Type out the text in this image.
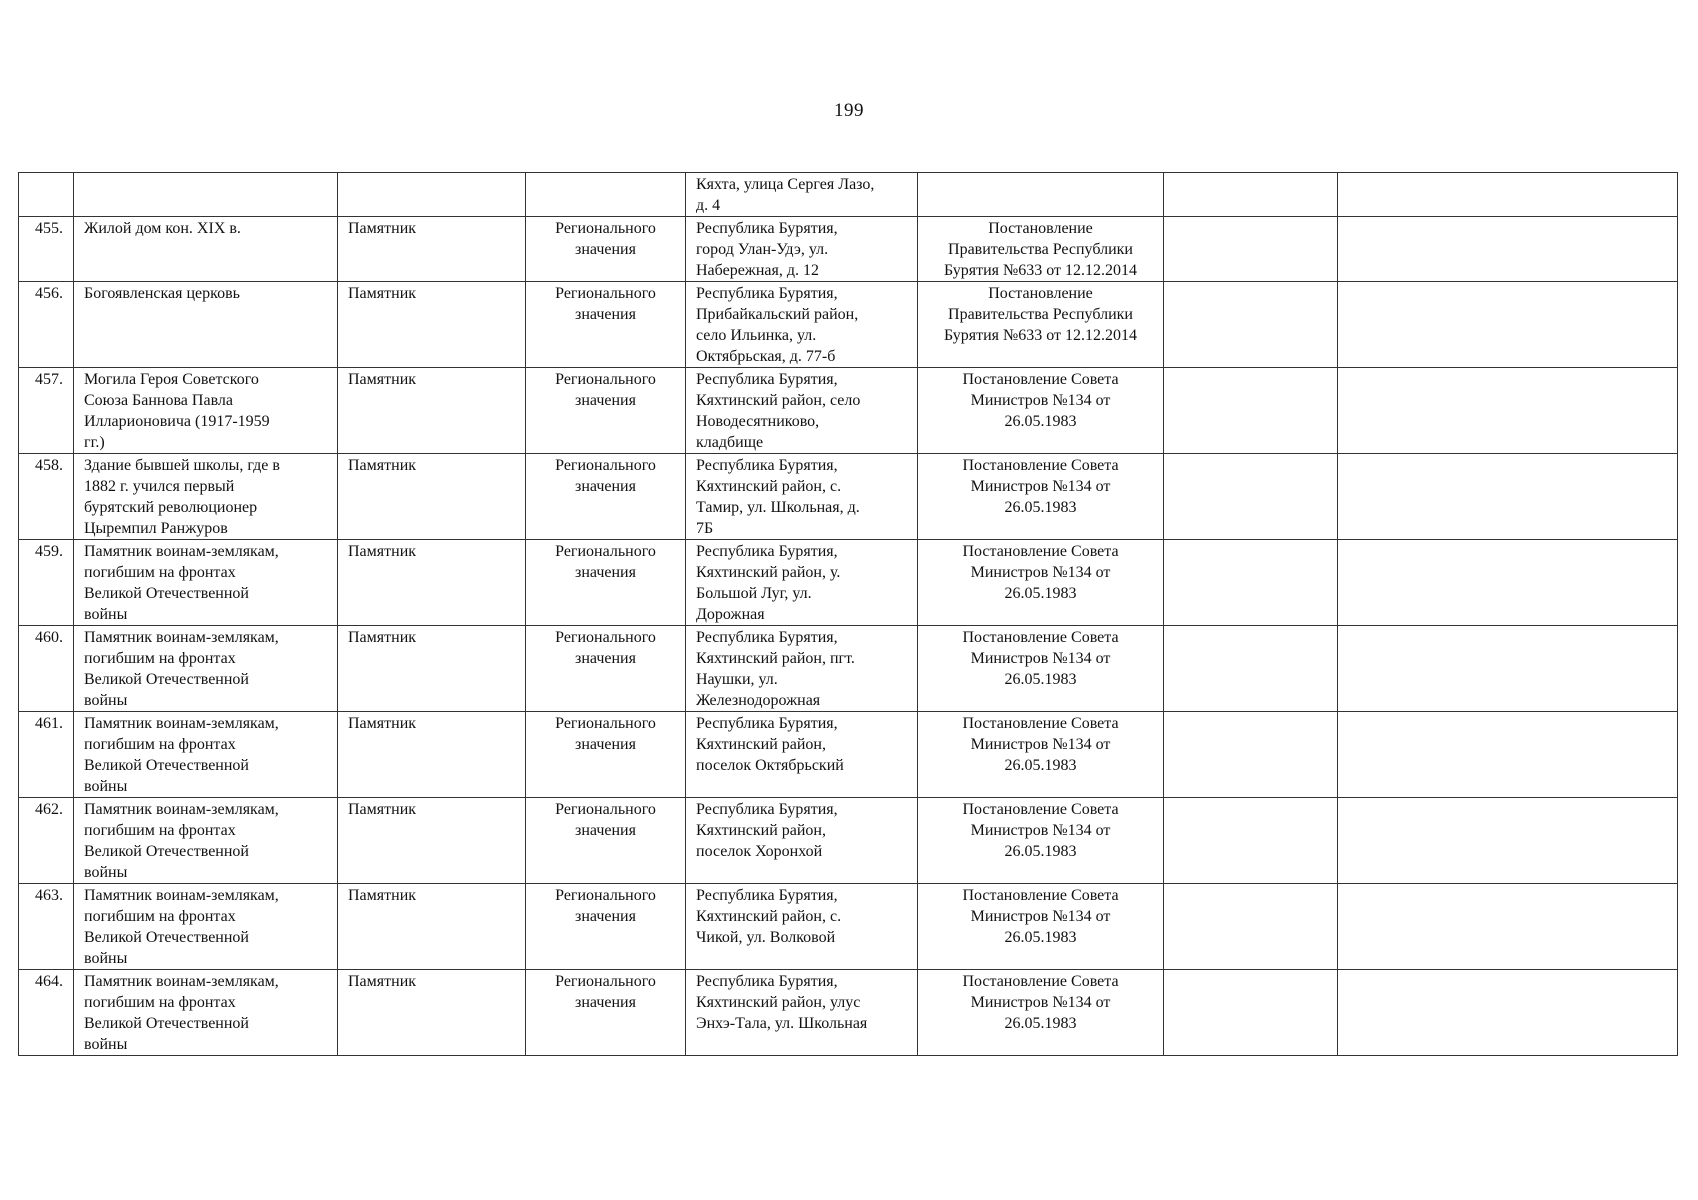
199

				Кяхта, улица Сергея Лазо,
д. 4			

455.	Жилой дом кон. XIX в.	Памятник	Регионального
значения	Республика Бурятия,
город Улан-Удэ, ул.
Набережная, д. 12	Постановление
Правительства Республики
Бурятия №633 от 12.12.2014		

456.	Богоявленская церковь	Памятник	Регионального
значения	Республика Бурятия,
Прибайкальский район,
село Ильинка, ул.
Октябрьская, д. 77-б	Постановление
Правительства Республики
Бурятия №633 от 12.12.2014		

457.	Могила Героя Советского
Союза Баннова Павла
Илларионовича (1917-1959
гг.)	Памятник	Регионального
значения	Республика Бурятия,
Кяхтинский район, село
Новодесятниково,
кладбище	Постановление Совета
Министров №134 от
26.05.1983		

458.	Здание бывшей школы, где в
1882 г. учился первый
бурятский революционер
Цыремпил Ранжуров	Памятник	Регионального
значения	Республика Бурятия,
Кяхтинский район, с.
Тамир, ул. Школьная, д.
7Б	Постановление Совета
Министров №134 от
26.05.1983		

459.	Памятник воинам-землякам,
погибшим на фронтах
Великой Отечественной
войны	Памятник	Регионального
значения	Республика Бурятия,
Кяхтинский район, у.
Большой Луг, ул.
Дорожная	Постановление Совета
Министров №134 от
26.05.1983		

460.	Памятник воинам-землякам,
погибшим на фронтах
Великой Отечественной
войны	Памятник	Регионального
значения	Республика Бурятия,
Кяхтинский район, пгт.
Наушки, ул.
Железнодорожная	Постановление Совета
Министров №134 от
26.05.1983		

461.	Памятник воинам-землякам,
погибшим на фронтах
Великой Отечественной
войны	Памятник	Регионального
значения	Республика Бурятия,
Кяхтинский район,
поселок Октябрьский	Постановление Совета
Министров №134 от
26.05.1983		

462.	Памятник воинам-землякам,
погибшим на фронтах
Великой Отечественной
войны	Памятник	Регионального
значения	Республика Бурятия,
Кяхтинский район,
поселок Хоронхой	Постановление Совета
Министров №134 от
26.05.1983		

463.	Памятник воинам-землякам,
погибшим на фронтах
Великой Отечественной
войны	Памятник	Регионального
значения	Республика Бурятия,
Кяхтинский район, с.
Чикой, ул. Волковой	Постановление Совета
Министров №134 от
26.05.1983		

464.	Памятник воинам-землякам,
погибшим на фронтах
Великой Отечественной
войны	Памятник	Регионального
значения	Республика Бурятия,
Кяхтинский район, улус
Энхэ-Тала, ул. Школьная	Постановление Совета
Министров №134 от
26.05.1983		
